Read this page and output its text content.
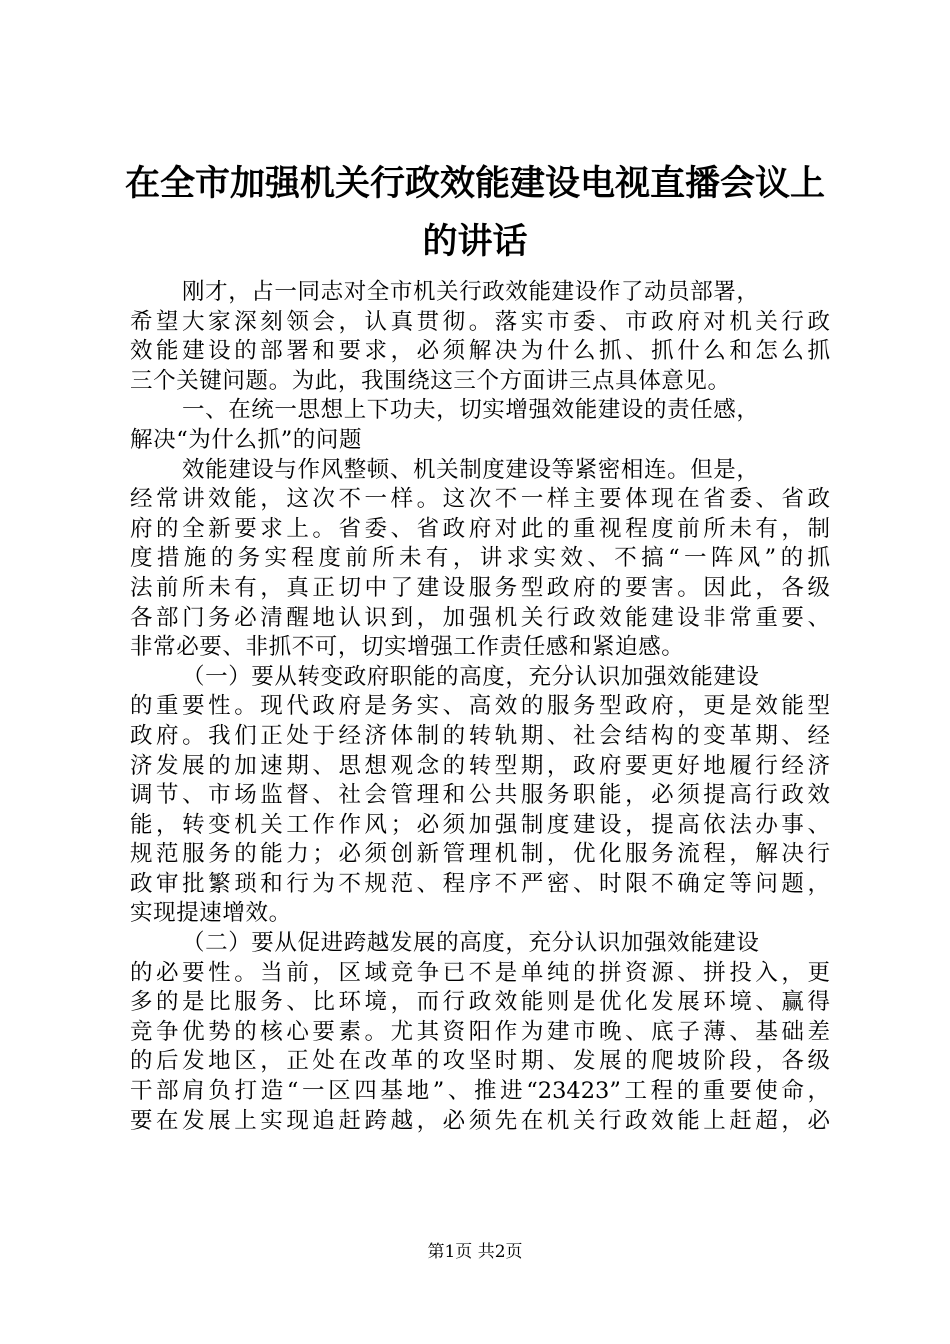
在全市加强机关行政效能建设电视直播会议上
的讲话
刚才，占一同志对全市机关行政效能建设作了动员部署，
希望大家深刻领会，认真贯彻。落实市委、市政府对机关行政
效能建设的部署和要求，必须解决为什么抓、抓什么和怎么抓
三个关键问题。为此，我围绕这三个方面讲三点具体意见。
一、在统一思想上下功夫，切实增强效能建设的责任感，
解决“为什么抓”的问题
效能建设与作风整顿、机关制度建设等紧密相连。但是，
经常讲效能，这次不一样。这次不一样主要体现在省委、省政
府的全新要求上。省委、省政府对此的重视程度前所未有，制
度措施的务实程度前所未有，讲求实效、不搞“一阵风”的抓
法前所未有，真正切中了建设服务型政府的要害。因此，各级
各部门务必清醒地认识到，加强机关行政效能建设非常重要、
非常必要、非抓不可，切实增强工作责任感和紧迫感。
（一）要从转变政府职能的高度，充分认识加强效能建设
的重要性。现代政府是务实、高效的服务型政府，更是效能型
政府。我们正处于经济体制的转轨期、社会结构的变革期、经
济发展的加速期、思想观念的转型期，政府要更好地履行经济
调节、市场监督、社会管理和公共服务职能，必须提高行政效
能，转变机关工作作风；必须加强制度建设，提高依法办事、
规范服务的能力；必须创新管理机制，优化服务流程，解决行
政审批繁琐和行为不规范、程序不严密、时限不确定等问题，
实现提速增效。
（二）要从促进跨越发展的高度，充分认识加强效能建设
的必要性。当前，区域竞争已不是单纯的拼资源、拼投入，更
多的是比服务、比环境，而行政效能则是优化发展环境、赢得
竞争优势的核心要素。尤其资阳作为建市晚、底子薄、基础差
的后发地区，正处在改革的攻坚时期、发展的爬坡阶段，各级
干部肩负打造“一区四基地”、推进“23423”工程的重要使命，
要在发展上实现追赶跨越，必须先在机关行政效能上赶超，必
第1页 共2页
